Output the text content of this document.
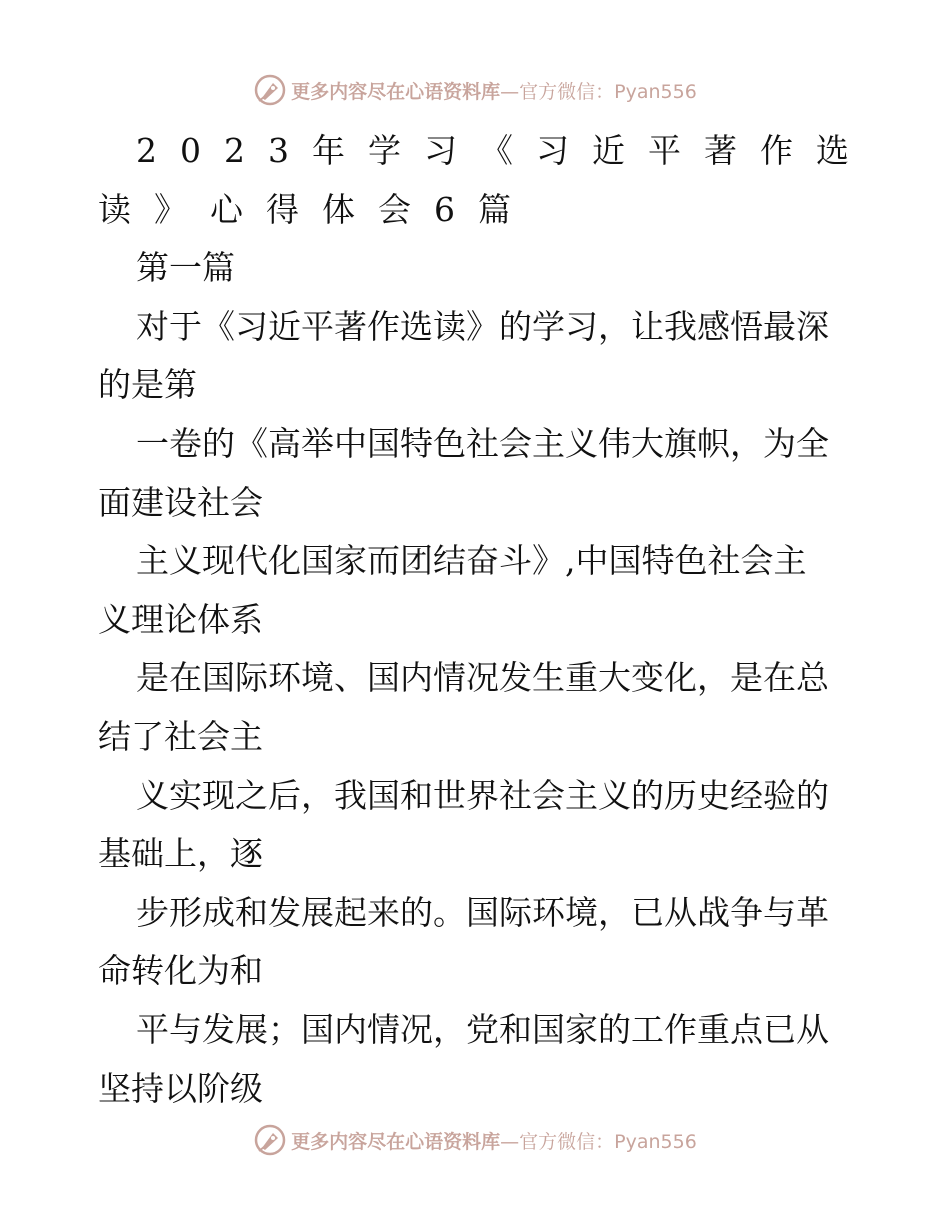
更多内容尽在心语资料库 —官方微信：Pyan556
2023年学习《习近平著作选
读》心得体会6篇
第一篇
对于《习近平著作选读》的学习，让我感悟最深
的是第
一卷的《高举中国特色社会主义伟大旗帜，为全
面建设社会
主义现代化国家而团结奋斗》,中国特色社会主
义理论体系
是在国际环境、国内情况发生重大变化，是在总
结了社会主
义实现之后，我国和世界社会主义的历史经验的
基础上，逐
步形成和发展起来的。国际环境，已从战争与革
命转化为和
平与发展；国内情况，党和国家的工作重点已从
坚持以阶级
更多内容尽在心语资料库 —官方微信：Pyan556
